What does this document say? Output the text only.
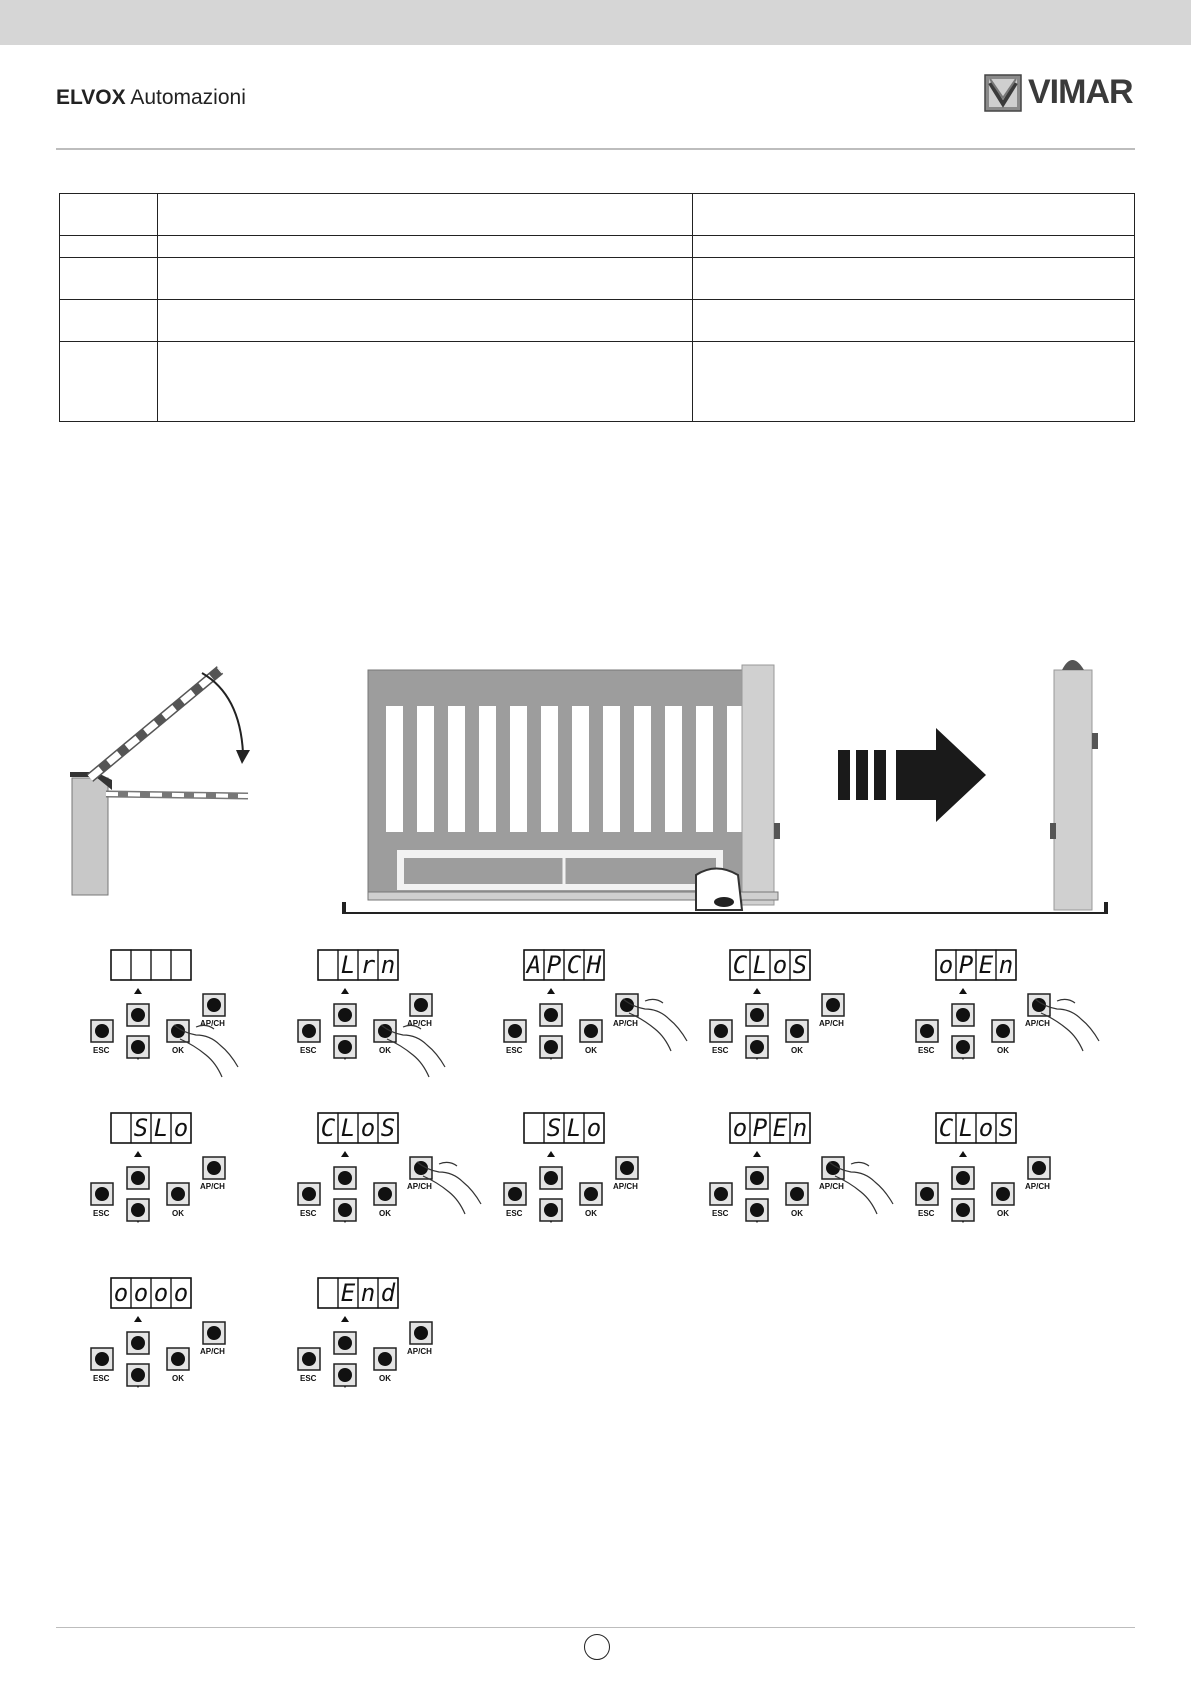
ELVOX Automazioni	VIMAR

ESC	OK
AP/CH
L r n
ESC	OK
AP/CH
A P C H
ESC	OK
AP/CH
C L o S
ESC	OK
AP/CH
o P E n
ESC	OK
AP/CH
S L o
ESC	OK
AP/CH
C L o S
ESC	OK
AP/CH
S L o
ESC	OK
AP/CH
o P E n
ESC	OK
AP/CH
C L o S
ESC	OK
AP/CH
o o o o
ESC	OK
AP/CH
E n d
ESC	OK
AP/CH
